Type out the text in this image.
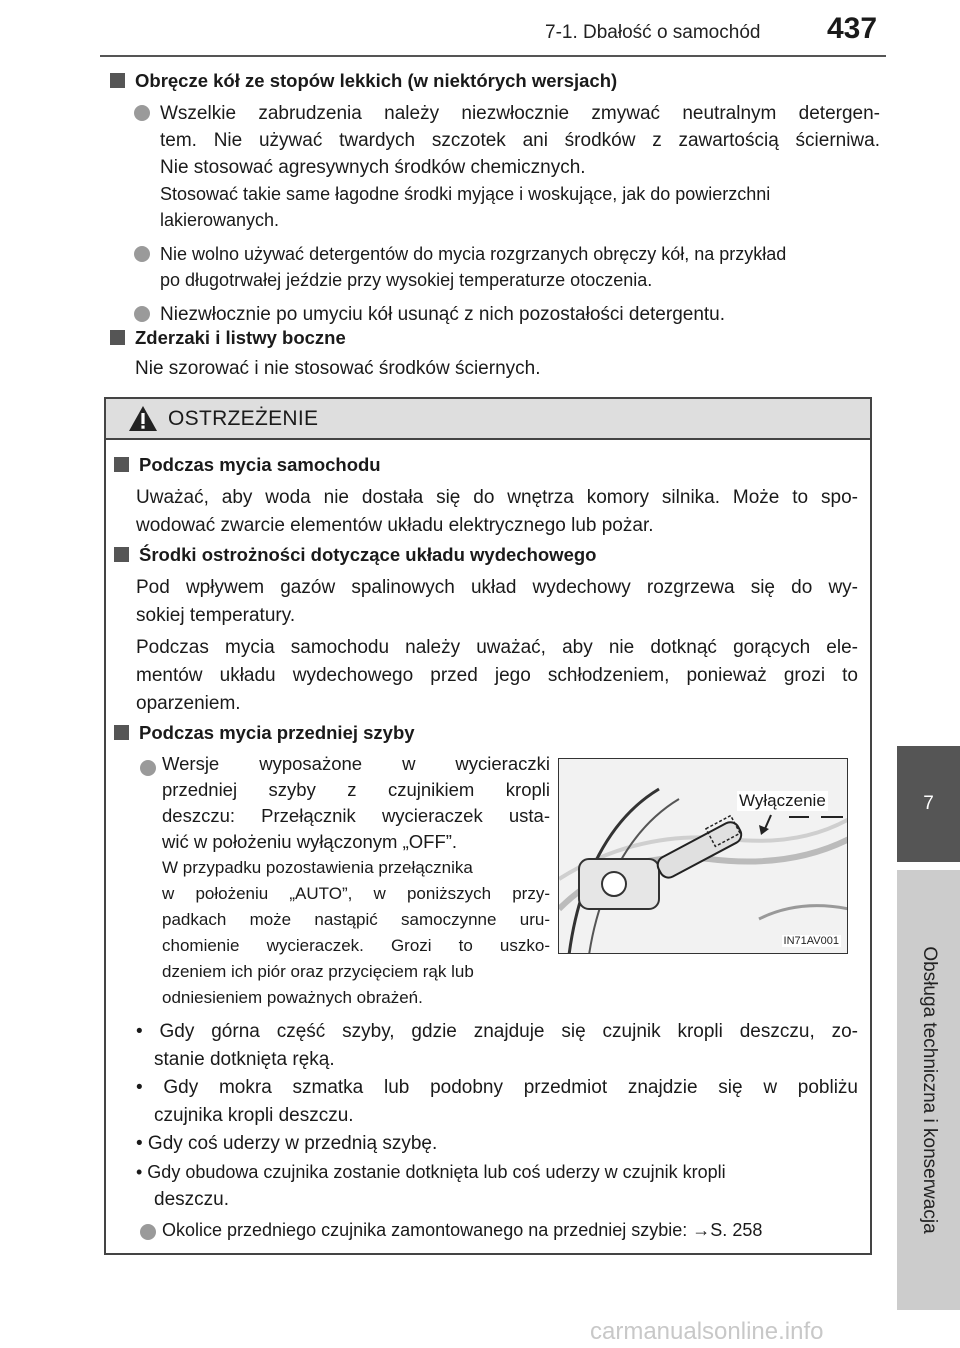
7-1. Dbałość o samochód 437
7
Obsługa techniczna i konserwacja
Obręcze kół ze stopów lekkich (w niektórych wersjach)
Wszelkie zabrudzenia należy niezwłocznie zmywać neutralnym detergen-
tem. Nie używać twardych szczotek ani środków z zawartością ścierniwa.
Nie stosować agresywnych środków chemicznych.
Stosować takie same łagodne środki myjące i woskujące, jak do powierzchni
lakierowanych.
Nie wolno używać detergentów do mycia rozgrzanych obręczy kół, na przykład
po długotrwałej jeździe przy wysokiej temperaturze otoczenia.
Niezwłocznie po umyciu kół usunąć z nich pozostałości detergentu.
Zderzaki i listwy boczne
Nie szorować i nie stosować środków ściernych.
OSTRZEŻENIE
Podczas mycia samochodu
Uważać, aby woda nie dostała się do wnętrza komory silnika. Może to spo-
wodować zwarcie elementów układu elektrycznego lub pożar.
Środki ostrożności dotyczące układu wydechowego
Pod wpływem gazów spalinowych układ wydechowy rozgrzewa się do wy-
sokiej temperatury.
Podczas mycia samochodu należy uważać, aby nie dotknąć gorących ele-
mentów układu wydechowego przed jego schłodzeniem, ponieważ grozi to
oparzeniem.
Podczas mycia przedniej szyby
Wersje wyposażone w wycieraczki
przedniej szyby z czujnikiem kropli
deszczu: Przełącznik wycieraczek usta-
wić w położeniu wyłączonym „OFF”.
W przypadku pozostawienia przełącznika
w położeniu „AUTO”, w poniższych przy-
padkach może nastąpić samoczynne uru-
chomienie wycieraczek. Grozi to uszko-
dzeniem ich piór oraz przycięciem rąk lub
odniesieniem poważnych obrażeń.
• Gdy górna część szyby, gdzie znajduje się czujnik kropli deszczu, zo-
stanie dotknięta ręką.
• Gdy mokra szmatka lub podobny przedmiot znajdzie się w pobliżu
czujnika kropli deszczu.
• Gdy coś uderzy w przednią szybę.
• Gdy obudowa czujnika zostanie dotknięta lub coś uderzy w czujnik kropli
deszczu.
Okolice przedniego czujnika zamontowanego na przedniej szybie: →S. 258
Wyłączenie
IN71AV001
carmanualsonline.info
